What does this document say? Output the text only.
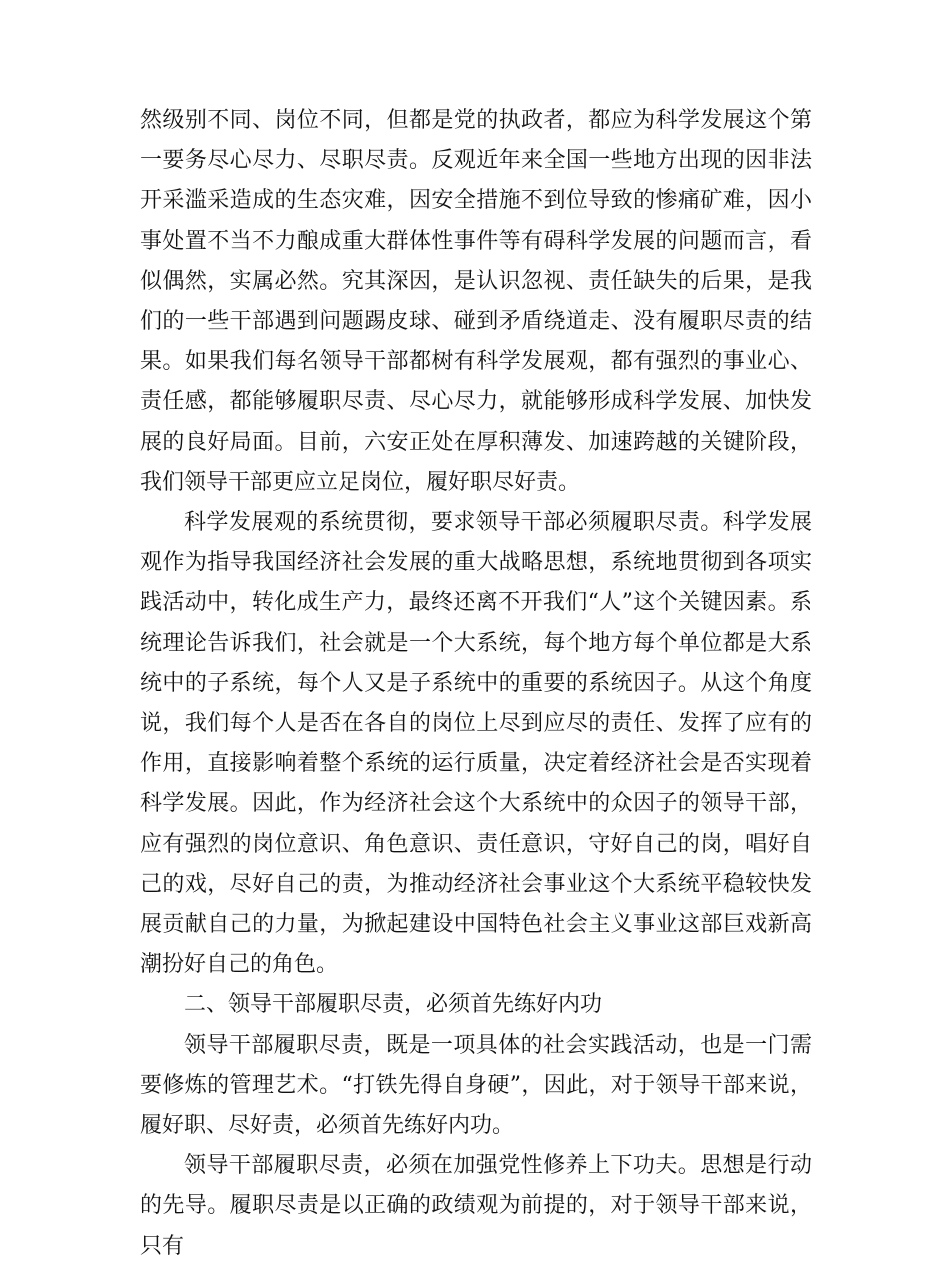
然级别不同、岗位不同，但都是党的执政者，都应为科学发展这个第一要务尽心尽力、尽职尽责。反观近年来全国一些地方出现的因非法开采滥采造成的生态灾难，因安全措施不到位导致的惨痛矿难，因小事处置不当不力酿成重大群体性事件等有碍科学发展的问题而言，看似偶然，实属必然。究其深因，是认识忽视、责任缺失的后果，是我们的一些干部遇到问题踢皮球、碰到矛盾绕道走、没有履职尽责的结果。如果我们每名领导干部都树有科学发展观，都有强烈的事业心、责任感，都能够履职尽责、尽心尽力，就能够形成科学发展、加快发展的良好局面。目前，六安正处在厚积薄发、加速跨越的关键阶段，我们领导干部更应立足岗位，履好职尽好责。

科学发展观的系统贯彻，要求领导干部必须履职尽责。科学发展观作为指导我国经济社会发展的重大战略思想，系统地贯彻到各项实践活动中，转化成生产力，最终还离不开我们“人”这个关键因素。系统理论告诉我们，社会就是一个大系统，每个地方每个单位都是大系统中的子系统，每个人又是子系统中的重要的系统因子。从这个角度说，我们每个人是否在各自的岗位上尽到应尽的责任、发挥了应有的作用，直接影响着整个系统的运行质量，决定着经济社会是否实现着科学发展。因此，作为经济社会这个大系统中的众因子的领导干部，应有强烈的岗位意识、角色意识、责任意识，守好自己的岗，唱好自己的戏，尽好自己的责，为推动经济社会事业这个大系统平稳较快发展贡献自己的力量，为掀起建设中国特色社会主义事业这部巨戏新高潮扮好自己的角色。

二、领导干部履职尽责，必须首先练好内功

领导干部履职尽责，既是一项具体的社会实践活动，也是一门需要修炼的管理艺术。“打铁先得自身硬”，因此，对于领导干部来说，履好职、尽好责，必须首先练好内功。

领导干部履职尽责，必须在加强党性修养上下功夫。思想是行动的先导。履职尽责是以正确的政绩观为前提的，对于领导干部来说，只有
